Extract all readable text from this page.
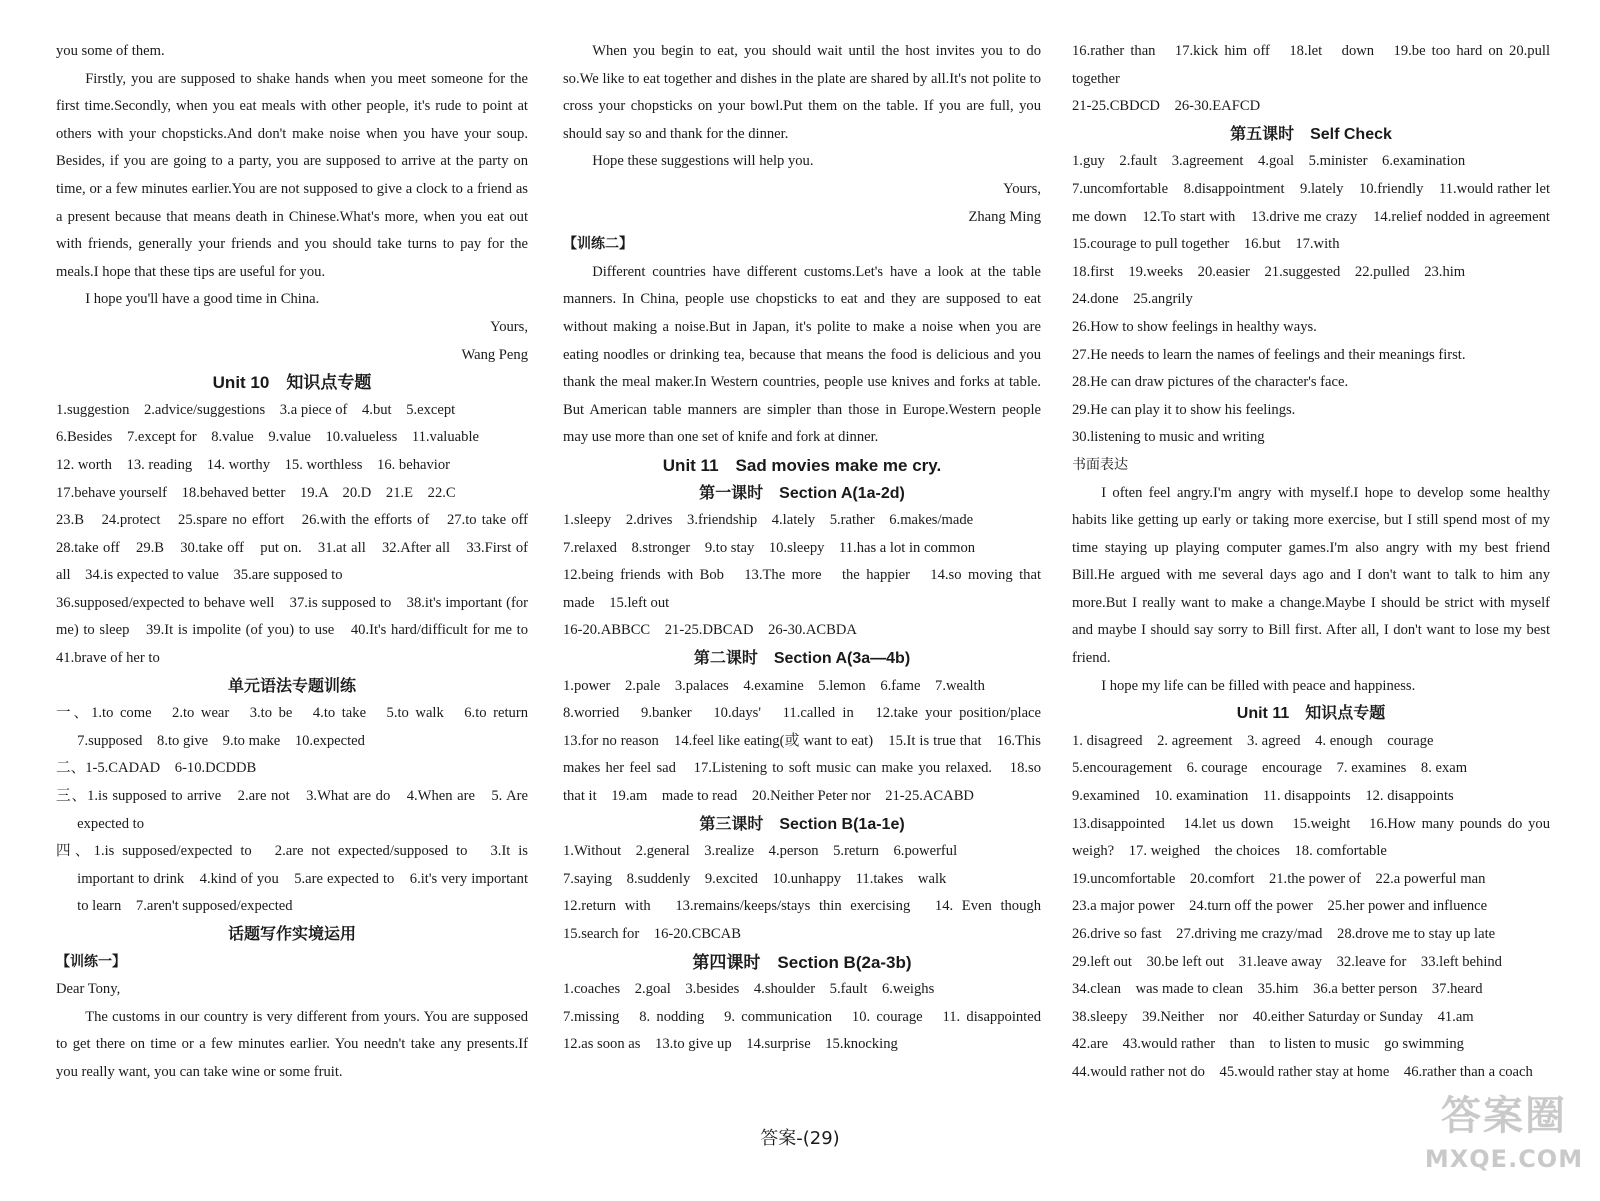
you some of them.

Firstly, you are supposed to shake hands when you meet someone for the first time.Secondly, when you eat meals with other people, it's rude to point at others with your chopsticks.And don't make noise when you have your soup. Besides, if you are going to a party, you are supposed to arrive at the party on time, or a few minutes earlier.You are not supposed to give a clock to a friend as a present because that means death in Chinese.What's more, when you eat out with friends, generally your friends and you should take turns to pay for the meals.I hope that these tips are useful for you.

I hope you'll have a good time in China.

Yours,

Wang Peng

Unit 10　知识点专题

1.suggestion　2.advice/suggestions　3.a piece of　4.but　5.except

6.Besides　7.except for　8.value　9.value　10.valueless　11.valuable

12. worth　13. reading　14. worthy　15. worthless　16. behavior

17.behave yourself　18.behaved better　19.A　20.D　21.E　22.C

23.B　24.protect　25.spare no effort　26.with the efforts of　27.to take off　28.take off　29.B　30.take off　put on.　31.at all　32.After all　33.First of all　34.is expected to value　35.are supposed to

36.supposed/expected to behave well　37.is supposed to　38.it's important (for me) to sleep　39.It is impolite (of you) to use　40.It's hard/difficult for me to　41.brave of her to

单元语法专题训练

一、1.to come　2.to wear　3.to be　4.to take　5.to walk　6.to return　7.supposed　8.to give　9.to make　10.expected

二、1-5.CADAD　6-10.DCDDB

三、1.is supposed to arrive　2.are not　3.What are do　4.When are　5. Are　expected to

四、1.is supposed/expected to　2.are not expected/supposed to　3.It is important to drink　4.kind of you　5.are expected to　6.it's very important to learn　7.aren't supposed/expected

话题写作实境运用

【训练一】

Dear Tony,

The customs in our country is very different from yours. You are supposed to get there on time or a few minutes earlier. You needn't take any presents.If you really want, you can take wine or some fruit.

When you begin to eat, you should wait until the host invites you to do so.We like to eat together and dishes in the plate are shared by all.It's not polite to cross your chopsticks on your bowl.Put them on the table. If you are full, you should say so and thank for the dinner.

Hope these suggestions will help you.

Yours,

Zhang Ming

【训练二】

Different countries have different customs.Let's have a look at the table manners. In China, people use chopsticks to eat and they are supposed to eat without making a noise.But in Japan, it's polite to make a noise when you are eating noodles or drinking tea, because that means the food is delicious and you thank the meal maker.In Western countries, people use knives and forks at table. But American table manners are simpler than those in Europe.Western people may use more than one set of knife and fork at dinner.

Unit 11　Sad movies make me cry.

第一课时　Section A(1a-2d)

1.sleepy　2.drives　3.friendship　4.lately　5.rather　6.makes/made

7.relaxed　8.stronger　9.to stay　10.sleepy　11.has a lot in common

12.being friends with Bob　13.The more　the happier　14.so moving that　made　15.left out

16-20.ABBCC　21-25.DBCAD　26-30.ACBDA

第二课时　Section A(3a—4b)

1.power　2.pale　3.palaces　4.examine　5.lemon　6.fame　7.wealth

8.worried　9.banker　10.days'　11.called in　12.take your position/place　13.for no reason　14.feel like eating(或 want to eat)　15.It is true that　16.This makes her feel sad　17.Listening to soft music can make you relaxed.　18.so　that it　19.am　made to read　20.Neither Peter nor　21-25.ACABD

第三课时　Section B(1a-1e)

1.Without　2.general　3.realize　4.person　5.return　6.powerful

7.saying　8.suddenly　9.excited　10.unhappy　11.takes　walk

12.return with　13.remains/keeps/stays thin exercising　14. Even though　15.search for　16-20.CBCAB

第四课时　Section B(2a-3b)

1.coaches　2.goal　3.besides　4.shoulder　5.fault　6.weighs

7.missing　8. nodding　9. communication　10. courage　11. disappointed　12.as soon as　13.to give up　14.surprise　15.knocking

16.rather than　17.kick him off　18.let　down　19.be too hard on 20.pull together

21-25.CBDCD　26-30.EAFCD

第五课时　Self Check

1.guy　2.fault　3.agreement　4.goal　5.minister　6.examination

7.uncomfortable　8.disappointment　9.lately　10.friendly　11.would rather let me down　12.To start with　13.drive me crazy　14.relief nodded in agreement　15.courage to pull together　16.but　17.with

18.first　19.weeks　20.easier　21.suggested　22.pulled　23.him

24.done　25.angrily

26.How to show feelings in healthy ways.

27.He needs to learn the names of feelings and their meanings first.

28.He can draw pictures of the character's face.

29.He can play it to show his feelings.

30.listening to music and writing

书面表达

I often feel angry.I'm angry with myself.I hope to develop some healthy habits like getting up early or taking more exercise, but I still spend most of my time staying up playing computer games.I'm also angry with my best friend Bill.He argued with me several days ago and I don't want to talk to him any more.But I really want to make a change.Maybe I should be strict with myself and maybe I should say sorry to Bill first. After all, I don't want to lose my best friend.

I hope my life can be filled with peace and happiness.

Unit 11　知识点专题

1. disagreed　2. agreement　3. agreed　4. enough　courage

5.encouragement　6. courage　encourage　7. examines　8. exam

9.examined　10. examination　11. disappoints　12. disappoints

13.disappointed　14.let us down　15.weight　16.How many pounds do you weigh?　17. weighed　the choices　18. comfortable

19.uncomfortable　20.comfort　21.the power of　22.a powerful man

23.a major power　24.turn off the power　25.her power and influence

26.drive so fast　27.driving me crazy/mad　28.drove me to stay up late

29.left out　30.be left out　31.leave away　32.leave for　33.left behind

34.clean　was made to clean　35.him　36.a better person　37.heard

38.sleepy　39.Neither　nor　40.either Saturday or Sunday　41.am

42.are　43.would rather　than　to listen to music　go swimming

44.would rather not do　45.would rather stay at home　46.rather than a coach

答案-(29)	答案圈
MXQE.COM
